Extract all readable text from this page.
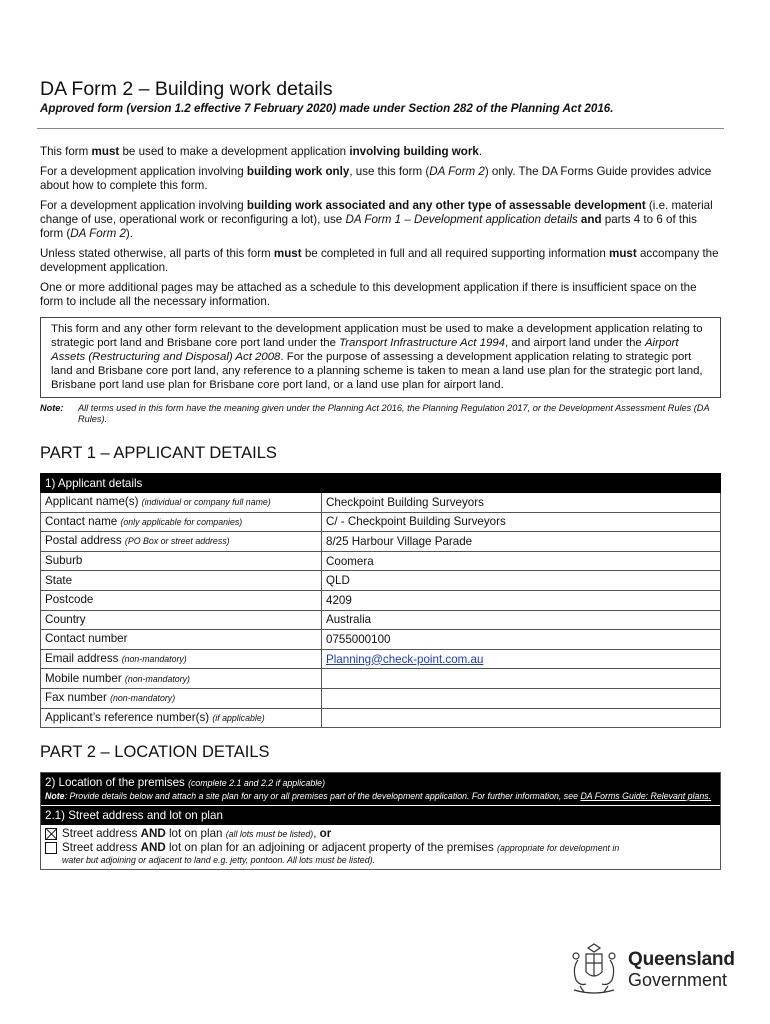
DA Form 2 – Building work details
Approved form (version 1.2 effective 7 February 2020) made under Section 282 of the Planning Act 2016.

This form must be used to make a development application involving building work.

For a development application involving building work only, use this form (DA Form 2) only. The DA Forms Guide provides advice about how to complete this form.

For a development application involving building work associated and any other type of assessable development (i.e. material change of use, operational work or reconfiguring a lot), use DA Form 1 – Development application details and parts 4 to 6 of this form (DA Form 2).

Unless stated otherwise, all parts of this form must be completed in full and all required supporting information must accompany the development application.

One or more additional pages may be attached as a schedule to this development application if there is insufficient space on the form to include all the necessary information.

This form and any other form relevant to the development application must be used to make a development application relating to strategic port land and Brisbane core port land under the Transport Infrastructure Act 1994, and airport land under the Airport Assets (Restructuring and Disposal) Act 2008. For the purpose of assessing a development application relating to strategic port land and Brisbane core port land, any reference to a planning scheme is taken to mean a land use plan for the strategic port land, Brisbane port land use plan for Brisbane core port land, or a land use plan for airport land.
Note:	All terms used in this form have the meaning given under the Planning Act 2016, the Planning Regulation 2017, or the Development Assessment Rules (DA Rules).
PART 1 – APPLICANT DETAILS
1) Applicant details	
Applicant name(s) (individual or company full name)	Checkpoint Building Surveyors
Contact name (only applicable for companies)	C/ - Checkpoint Building Surveyors
Postal address (PO Box or street address)	8/25 Harbour Village Parade
Suburb	Coomera
State	QLD
Postcode	4209
Country	Australia
Contact number	0755000100
Email address (non-mandatory)	Planning@check-point.com.au
Mobile number (non-mandatory)	
Fax number (non-mandatory)	
Applicant’s reference number(s) (if applicable)	
PART 2 – LOCATION DETAILS
2) Location of the premises (complete 2.1 and 2.2 if applicable)
Note: Provide details below and attach a site plan for any or all premises part of the development application. For further information, see DA Forms Guide: Relevant plans.
2.1) Street address and lot on plan
Street address AND lot on plan (all lots must be listed), or
Street address AND lot on plan for an adjoining or adjacent property of the premises (appropriate for development in
water but adjoining or adjacent to land e.g. jetty, pontoon. All lots must be listed).
Queensland
Government
